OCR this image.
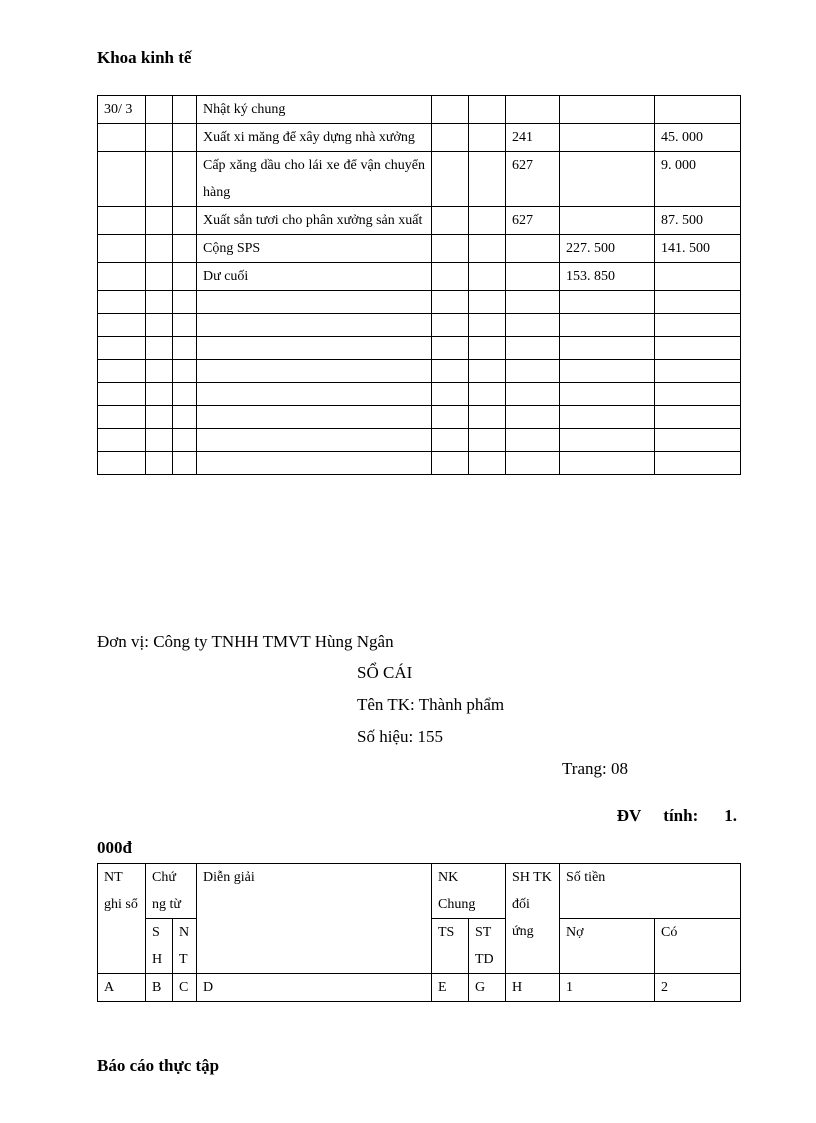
Khoa kinh tế
30/ 3			Nhật ký chung					
			Xuất xi măng để xây dựng nhà xưởng			241		45. 000
			Cấp xăng dầu cho lái xe để vận chuyển hàng			627		9. 000
			Xuất sắn tươi cho phân xưởng sản xuất			627		87. 500
			Cộng SPS				227. 500	141. 500
			Dư cuối				153. 850	

Đơn vị: Công ty TNHH TMVT Hùng Ngân
SỔ CÁI
Tên TK: Thành phẩm
Số hiệu: 155
Trang: 08
ĐV tính: 1.
000đ
NT ghi sổ	Chứ ng từ		Diễn giải	NK Chung		SH TK đối ứng	Số tiền	
	S H	N T		TS	ST TD		Nợ	Có
A	B	C	D	E	G	H	1	2
Báo cáo thực tập
